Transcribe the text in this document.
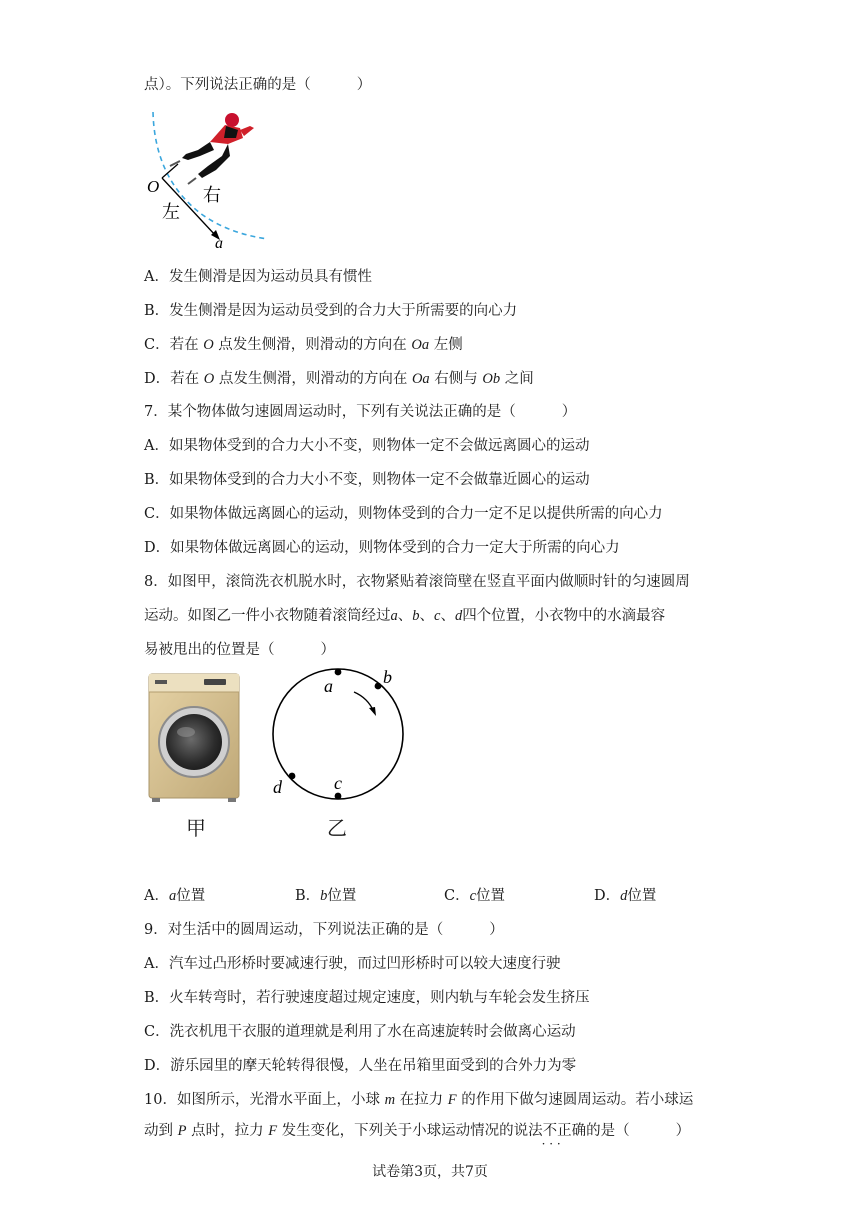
点）。下列说法正确的是（	）
O
左
右
a
A．发生侧滑是因为运动员具有惯性
B．发生侧滑是因为运动员受到的合力大于所需要的向心力
C．若在 O 点发生侧滑，则滑动的方向在 Oa 左侧
D．若在 O 点发生侧滑，则滑动的方向在 Oa 右侧与 Ob 之间
7．某个物体做匀速圆周运动时，下列有关说法正确的是（	）
A．如果物体受到的合力大小不变，则物体一定不会做远离圆心的运动
B．如果物体受到的合力大小不变，则物体一定不会做靠近圆心的运动
C．如果物体做远离圆心的运动，则物体受到的合力一定不足以提供所需的向心力
D．如果物体做远离圆心的运动，则物体受到的合力一定大于所需的向心力
8．如图甲，滚筒洗衣机脱水时，衣物紧贴着滚筒壁在竖直平面内做顺时针的匀速圆周
运动。如图乙一件小衣物随着滚筒经过a、b、c、d四个位置，小衣物中的水滴最容
易被甩出的位置是（	）
甲
a	b
c
d
乙
A．a位置	B．b位置	C．c位置	D．d位置
9．对生活中的圆周运动，下列说法正确的是（	）
A．汽车过凸形桥时要减速行驶，而过凹形桥时可以较大速度行驶
B．火车转弯时，若行驶速度超过规定速度，则内轨与车轮会发生挤压
C．洗衣机甩干衣服的道理就是利用了水在高速旋转时会做离心运动
D．游乐园里的摩天轮转得很慢，人坐在吊箱里面受到的合外力为零
10．如图所示，光滑水平面上，小球 m 在拉力 F 的作用下做匀速圆周运动。若小球运
动到 P 点时，拉力 F 发生变化，下列关于小球运动情况的说法不正确 · · ·的是（	）
试卷第3页，共7页
